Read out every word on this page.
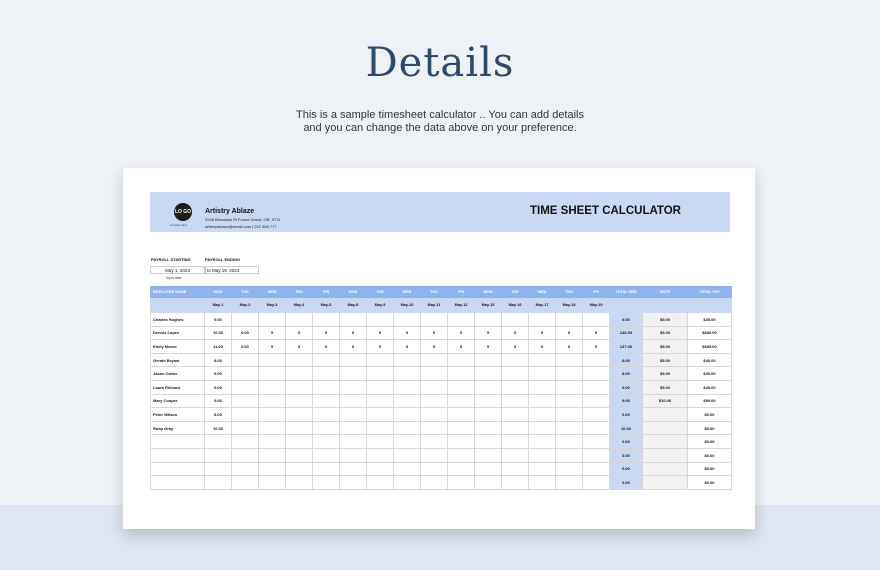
Details
This is a sample timesheet calculator .. You can add details
and you can change the data above on your preference.
LO GO
company name
Artistry Ablaze
2948 Breaststa St Forest Grove, OR, 9711
artistryablaze@email.com | 222 555 777
TIME SHEET CALCULATOR
PAYROLL STARTING	PAYROLL ENDING
May 1, 2023	to May 19, 2023
Input date
EMPLOYEE NAME	MON	TUE	WED	THU	FRI	MON	TUE	WED	THU	FRI	MON	TUE	WED	THU	FRI	TOTAL HRS	RATE	TOTAL PAY
	May-1	May-2	May-3	May-4	May-5	May-8	May-9	May-10	May-11	May-12	May-15	May-16	May-17	May-18	May-19			
Charles Hughes	9.00															9.00	$5.00	$45.00
Dennis Lopez	10.00	9.00	9	9	9	9	9	9	9	9	9	9	9	9	9	136.00	$5.00	$680.00
Emily Moore	11.00	9.00	9	9	9	9	9	9	9	9	9	9	9	9	9	137.00	$5.00	$685.00
Gerald Bryant	8.00															8.00	$5.00	$40.00
Jason Carter	9.00															8.00	$5.00	$40.00
Laura Richard	9.00															9.00	$5.00	$45.00
Mary Cooper	9.00															9.00	$10.00	$90.00
Peter Wilson	8.00															0.00		$0.00
Ruby Gray	10.00															10.00		$0.00
																0.00		$0.00
																0.00		$0.00
																0.00		$0.00
																0.00		$0.00
